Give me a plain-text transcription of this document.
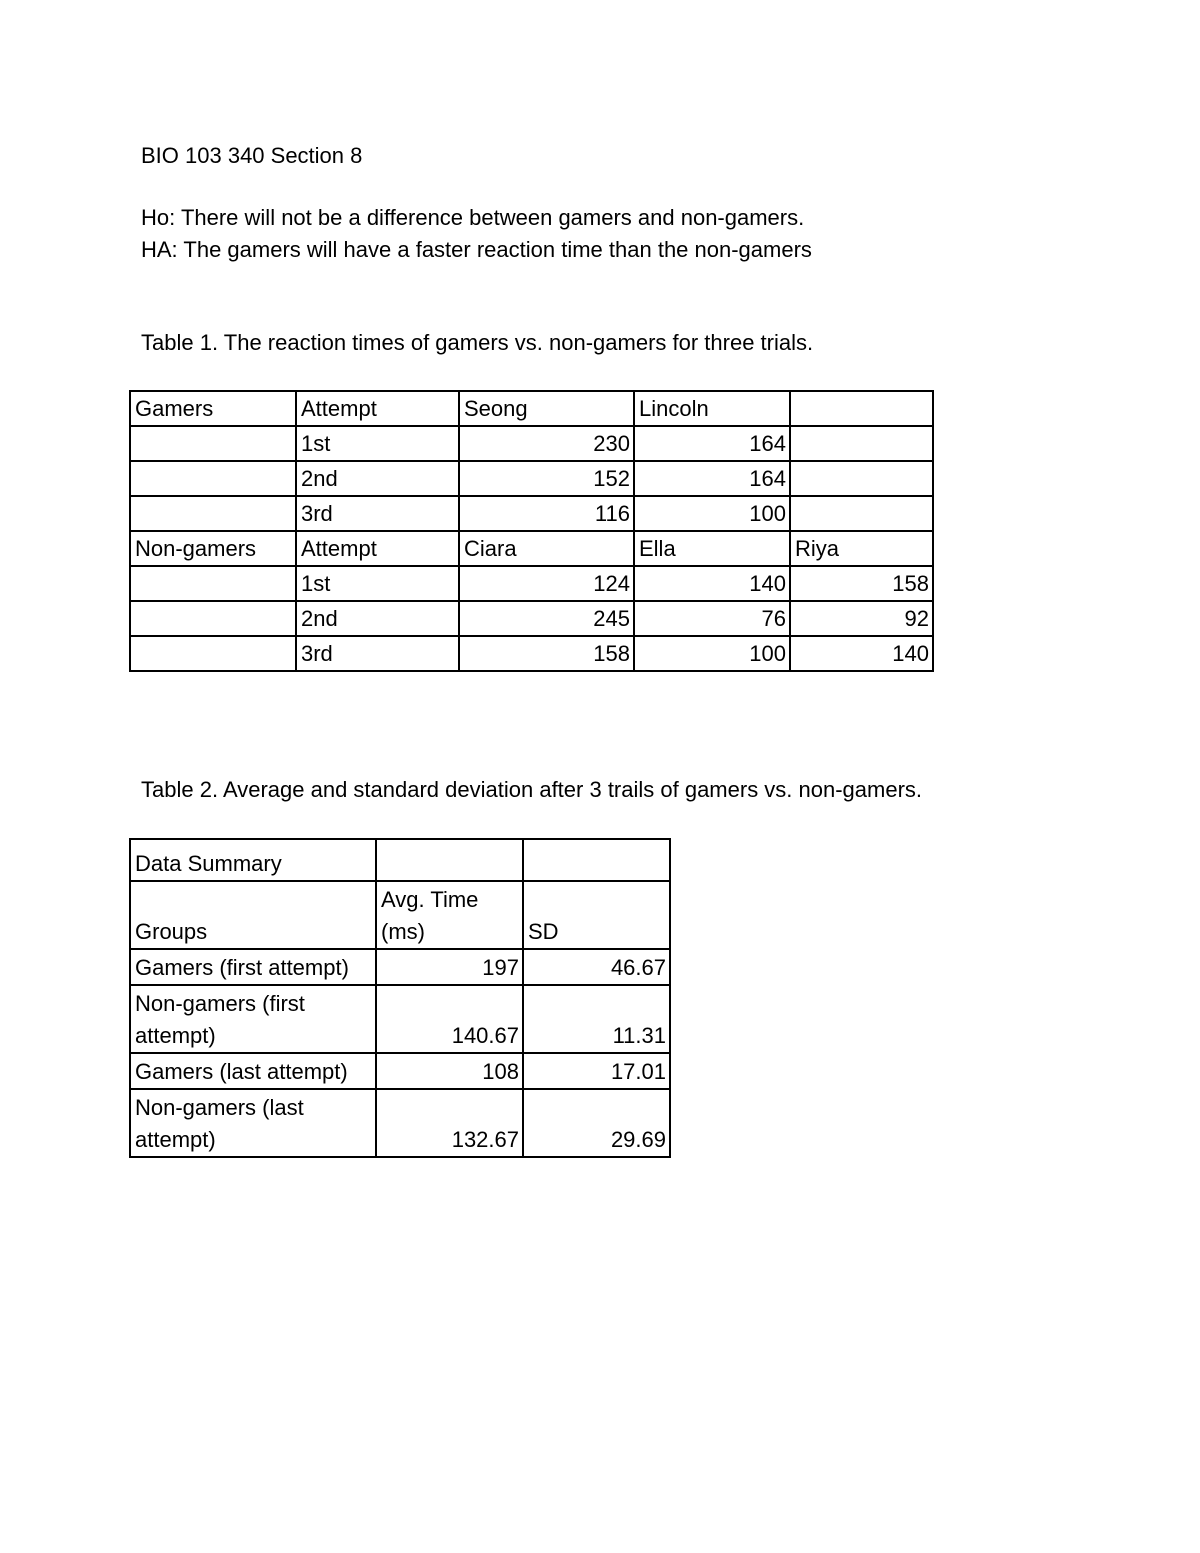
BIO 103 340 Section 8
Ho: There will not be a difference between gamers and non-gamers.
HA: The gamers will have a faster reaction time than the non-gamers
Table 1. The reaction times of gamers vs. non-gamers for three trials.
Gamers	Attempt	Seong	Lincoln	
	1st	230	164	
	2nd	152	164	
	3rd	116	100	
Non-gamers	Attempt	Ciara	Ella	Riya
	1st	124	140	158
	2nd	245	76	92
	3rd	158	100	140
Table 2. Average and standard deviation after 3 trails of gamers vs. non-gamers.
Data Summary		
Groups	Avg. Time (ms)	SD
Gamers (first attempt)	197	46.67
Non-gamers (first attempt)	140.67	11.31
Gamers (last attempt)	108	17.01
Non-gamers (last attempt)	132.67	29.69
